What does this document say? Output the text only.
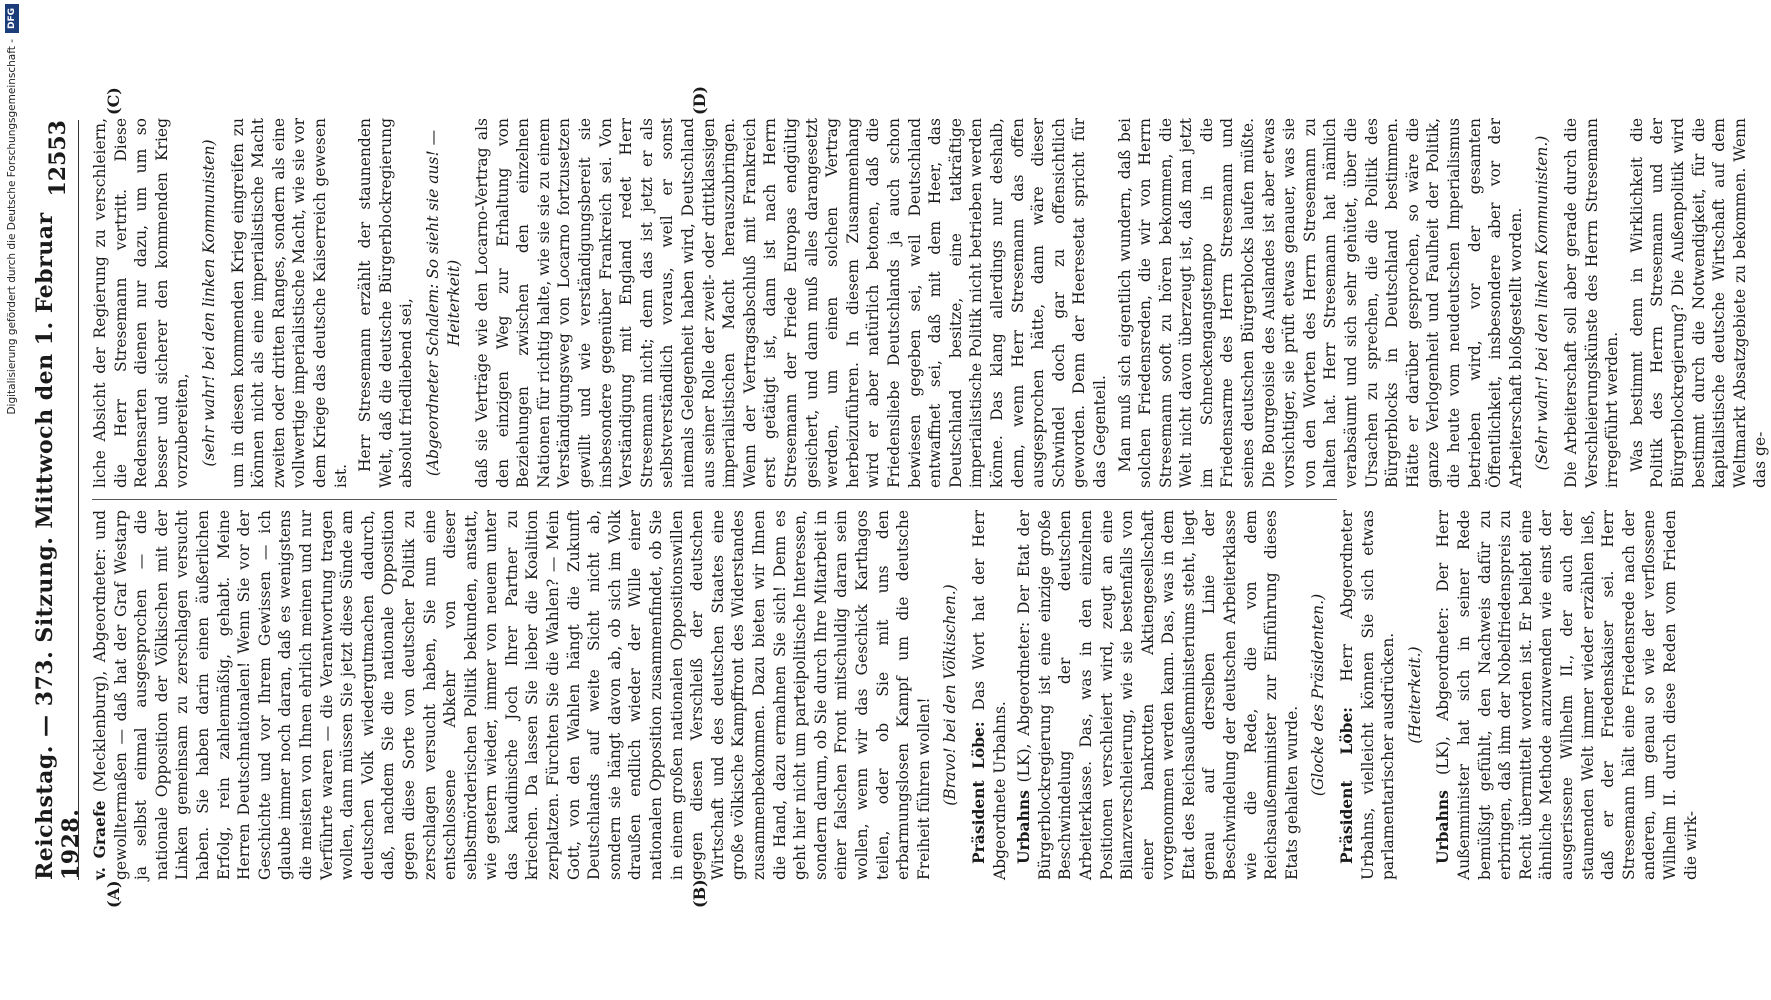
Reichstag. — 373. Sitzung. Mittwoch den 1. Februar 1928.
12553
(A)	(B)
(C)	(D)

v. Graefe (Mecklenburg), Abgeordneter: und gewolltermaßen — daß hat der Graf Westarp ja selbst einmal ausgesprochen — die nationale Opposition der Völkischen mit der Linken gemeinsam zu zerschlagen versucht haben. Sie haben darin einen äußerlichen Erfolg, rein zahlenmäßig, gehabt. Meine Herren Deutschnationalen! Wenn Sie vor der Geschichte und vor Ihrem Gewissen — ich glaube immer noch daran, daß es wenigstens die meisten von Ihnen ehrlich meinen und nur Verführte waren — die Verantwortung tragen wollen, dann müssen Sie jetzt diese Sünde am deutschen Volk wiedergutmachen dadurch, daß, nachdem Sie die nationale Opposition gegen diese Sorte von deutscher Politik zu zerschlagen versucht haben, Sie nun eine entschlossene Abkehr von dieser selbstmörderischen Politik bekunden, anstatt, wie gestern wieder, immer von neuem unter das kaudinische Joch Ihrer Partner zu kriechen. Da lassen Sie lieber die Koalition zerplatzen. Fürchten Sie die Wahlen? — Mein Gott, von den Wahlen hängt die Zukunft Deutschlands auf weite Sicht nicht ab, sondern sie hängt davon ab, ob sich im Volk draußen endlich wieder der Wille einer nationalen Opposition zusammenfindet, ob Sie in einem großen nationalen Oppositionswillen gegen diesen Verschleiß der deutschen Wirtschaft und des deutschen Staates eine große völkische Kampffront des Widerstandes zusammenbekommen. Dazu bieten wir Ihnen die Hand, dazu ermahnen Sie sich! Denn es geht hier nicht um parteipolitische Interessen, sondern darum, ob Sie durch Ihre Mitarbeit in einer falschen Front mitschuldig daran sein wollen, wenn wir das Geschick Karthagos teilen, oder ob Sie mit uns den erbarmungslosen Kampf um die deutsche Freiheit führen wollen! (Bravo! bei den Völkischen.) Präsident Löbe: Das Wort hat der Herr Abgeordnete Urbahns. Urbahns (LK), Abgeordneter: Der Etat der Bürgerblockregierung ist eine einzige große Beschwindelung der deutschen Arbeiterklasse. Das, was in den einzelnen Positionen verschleiert wird, zeugt an eine Bilanzverschleierung, wie sie bestenfalls von einer bankrotten Aktiengesellschaft vorgenommen werden kann. Das, was in dem Etat des Reichsaußenministeriums steht, liegt genau auf derselben Linie der Beschwindelung der deutschen Arbeiterklasse wie die Rede, die von dem Reichsaußenminister zur Einführung dieses Etats gehalten wurde. (Glocke des Präsidenten.) Präsident Löbe: Herr Abgeordneter Urbahns, vielleicht können Sie sich etwas parlamentarischer ausdrücken. (Heiterkeit.)

Urbahns (LK), Abgeordneter: Der Herr Außenminister hat sich in seiner Rede bemüßigt gefühlt, den Nachweis dafür zu erbringen, daß ihm der Nobelfriedenspreis zu Recht übermittelt worden ist. Er beliebt eine ähnliche Methode anzuwenden wie einst der ausgerissene Wilhelm II., der auch der staunenden Welt immer wieder erzählen ließ, daß er der Friedenskaiser sei. Herr Stresemann hält eine Friedensrede nach der anderen, um genau so wie der verflossene Wilhelm II. durch diese Reden vom Frieden die wirk-

liche Absicht der Regierung zu verschleiern, die Herr Stresemann vertritt. Diese Redensarten dienen nur dazu, um um so besser und sicherer den kommenden Krieg vorzubereiten, (sehr wahr! bei den linken Kommunisten) um in diesen kommenden Krieg eingreifen zu können nicht als eine imperialistische Macht zweiten oder dritten Ranges, sondern als eine vollwertige imperialistische Macht, wie sie vor dem Kriege das deutsche Kaiserreich gewesen ist.

Herr Stresemann erzählt der staunenden Welt, daß die deutsche Bürgerblockregierung absolut friedliebend sei, (Abgeordneter Schalem: So sieht sie aus! — Heiterkeit) daß sie Verträge wie den Locarno-Vertrag als den einzigen Weg zur Erhaltung von Beziehungen zwischen den einzelnen Nationen für richtig halte, wie sie sie zu einem Verständigungsweg von Locarno fortzusetzen gewillt und wie verständigungsbereit sie insbesondere gegenüber Frankreich sei. Von Verständigung mit England redet Herr Stresemann nicht; denn das ist jetzt er als selbstverständlich voraus, weil er sonst niemals Gelegenheit haben wird, Deutschland aus seiner Rolle der zweit- oder drittklassigen imperialistischen Macht herauszubringen. Wenn der Vertragsabschluß mit Frankreich erst getätigt ist, dann ist nach Herrn Stresemann der Friede Europas endgültig gesichert, und dann muß alles darangesetzt werden, um einen solchen Vertrag herbeizuführen. In diesem Zusammenhang wird er aber natürlich betonen, daß die Friedensliebe Deutschlands ja auch schon bewiesen gegeben sei, weil Deutschland entwaffnet sei, daß mit dem Heer, das Deutschland besitze, eine tatkräftige imperialistische Politik nicht betrieben werden könne. Das klang allerdings nur deshalb, denn, wenn Herr Stresemann das offen ausgesprochen hätte, dann wäre dieser Schwindel doch gar zu offensichtlich geworden. Denn der Heeresetat spricht für das Gegenteil. Man muß sich eigentlich wundern, daß bei solchen Friedensreden, die wir von Herrn Stresemann sooft zu hören bekommen, die Welt nicht davon überzeugt ist, daß man jetzt im Schneckengangstempo in die Friedensarme des Herrn Stresemann und seines deutschen Bürgerblocks laufen müßte. Die Bourgeoisie des Auslandes ist aber etwas vorsichtiger, sie prüft etwas genauer, was sie von den Worten des Herrn Stresemann zu halten hat. Herr Stresemann hat nämlich verabsäumt und sich sehr gehütet, über die Ursachen zu sprechen, die die Politik des Bürgerblocks in Deutschland bestimmen. Hätte er darüber gesprochen, so wäre die ganze Verlogenheit und Faulheit der Politik, die heute vom neudeutschen Imperialismus betrieben wird, vor der gesamten Öffentlichkeit, insbesondere aber vor der Arbeiterschaft bloßgestellt worden. (Sehr wahr! bei den linken Kommunisten.) Die Arbeiterschaft soll aber gerade durch die Verschleierungskünste des Herrn Stresemann irregeführt werden. Was bestimmt denn in Wirklichkeit die Politik des Herrn Stresemann und der Bürgerblockregierung? Die Außenpolitik wird bestimmt durch die Notwendigkeit, für die kapitalistische deutsche Wirtschaft auf dem Weltmarkt Absatzgebiete zu bekommen. Wenn das ge-

Digitalisierung gefördert durch die Deutsche Forschungsgemeinschaft -
DFG
